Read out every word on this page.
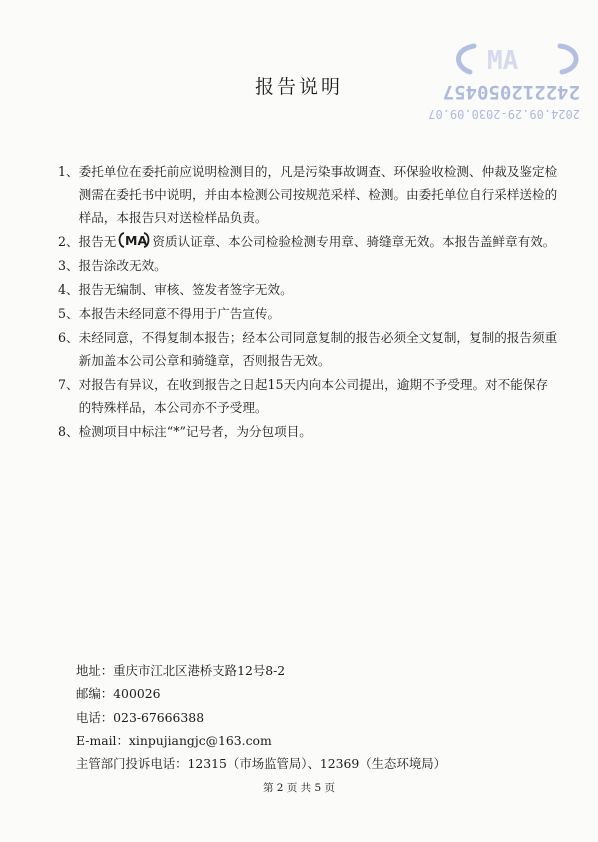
MA
242212050457
2024.09.29-2030.09.07
报告说明
1、 委托单位在委托前应说明检测目的，凡是污染事故调查、环保验收检测、仲裁及鉴定检测需在委托书中说明，并由本检测公司按规范采样、检测。由委托单位自行采样送检的样品，本报告只对送检样品负责。
2、 报告无 MA 资质认证章、本公司检验检测专用章、骑缝章无效。本报告盖鲜章有效。
3、 报告涂改无效。
4、 报告无编制、审核、签发者签字无效。
5、 本报告未经同意不得用于广告宣传。
6、 未经同意，不得复制本报告；经本公司同意复制的报告必须全文复制，复制的报告须重新加盖本公司公章和骑缝章，否则报告无效。
7、 对报告有异议，在收到报告之日起15天内向本公司提出，逾期不予受理。对不能保存的特殊样品，本公司亦不予受理。
8、 检测项目中标注“*”记号者，为分包项目。
地址：重庆市江北区港桥支路12号8-2
邮编：400026
电话：023-67666388
E-mail：xinpujiangjc@163.com
主管部门投诉电话：12315（市场监管局）、12369（生态环境局）
第 2 页 共 5 页
